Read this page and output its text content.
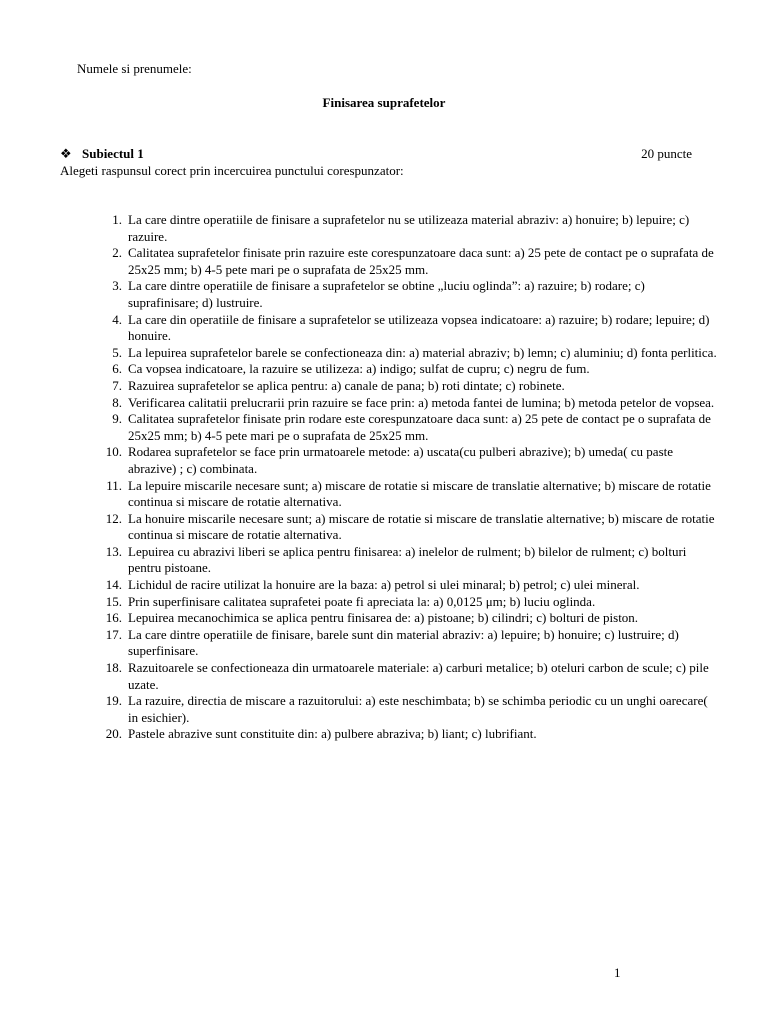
Numele si prenumele:
Finisarea suprafetelor
❖ Subiectul 1	20 puncte
Alegeti raspunsul corect prin incercuirea punctului corespunzator:
1. La care dintre operatiile de finisare a suprafetelor nu se utilizeaza material abraziv: a) honuire; b) lepuire; c) razuire.
2. Calitatea suprafetelor finisate prin razuire este corespunzatoare daca sunt: a) 25 pete de contact pe o suprafata de 25x25 mm; b) 4-5 pete mari pe o suprafata de 25x25 mm.
3. La care dintre operatiile de finisare a suprafetelor se obtine „luciu oglinda”: a) razuire; b) rodare; c) suprafinisare; d) lustruire.
4. La care din operatiile de finisare a suprafetelor se utilizeaza vopsea indicatoare: a) razuire; b) rodare; lepuire; d) honuire.
5. La lepuirea suprafetelor barele se confectioneaza din: a) material abraziv; b) lemn; c) aluminiu; d) fonta perlitica.
6. Ca vopsea indicatoare, la razuire se utilizeza: a) indigo; sulfat de cupru; c) negru de fum.
7. Razuirea suprafetelor se aplica pentru: a) canale de pana; b) roti dintate; c) robinete.
8. Verificarea calitatii prelucrarii prin razuire se face prin: a) metoda fantei de lumina; b) metoda petelor de vopsea.
9. Calitatea suprafetelor finisate prin rodare este corespunzatoare daca sunt: a) 25 pete de contact pe o suprafata de 25x25 mm; b) 4-5 pete mari pe o suprafata de 25x25 mm.
10. Rodarea suprafetelor se face prin urmatoarele metode: a) uscata(cu pulberi abrazive); b) umeda( cu paste abrazive) ; c) combinata.
11. La lepuire miscarile necesare sunt; a) miscare de rotatie si miscare de translatie alternative; b) miscare de rotatie continua si miscare de rotatie alternativa.
12. La honuire miscarile necesare sunt; a) miscare de rotatie si miscare de translatie alternative; b) miscare de rotatie continua si miscare de rotatie alternativa.
13. Lepuirea cu abrazivi liberi se aplica pentru finisarea: a) inelelor de rulment; b) bilelor de rulment; c) bolturi pentru pistoane.
14. Lichidul de racire utilizat la honuire are la baza: a) petrol si ulei minaral; b) petrol; c) ulei mineral.
15. Prin superfinisare calitatea suprafetei poate fi apreciata la: a) 0,0125 μm; b) luciu oglinda.
16. Lepuirea mecanochimica se aplica pentru finisarea de: a) pistoane; b) cilindri; c) bolturi de piston.
17. La care dintre operatiile de finisare, barele sunt din material abraziv: a) lepuire; b) honuire; c) lustruire; d) superfinisare.
18. Razuitoarele se confectioneaza din urmatoarele materiale: a) carburi metalice; b) oteluri carbon de scule; c) pile uzate.
19. La razuire, directia de miscare a razuitorului: a) este neschimbata; b) se schimba periodic cu un unghi oarecare( in esichier).
20. Pastele abrazive sunt constituite din: a) pulbere abraziva; b) liant; c) lubrifiant.
1
